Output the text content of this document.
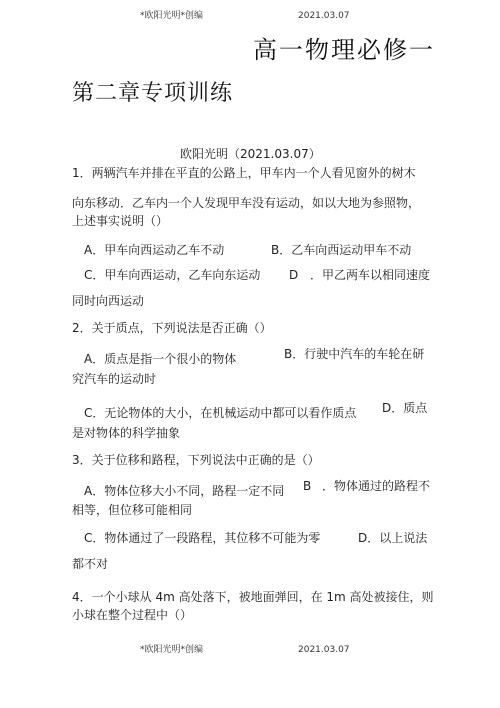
*欧阳光明*创编	2021.03.07
高一物理必修一
第二章专项训练
欧阳光明（2021.03.07）
1．两辆汽车并排在平直的公路上，甲车内一个人看见窗外的树木
向东移动．乙车内一个人发现甲车没有运动，如以大地为参照物，
上述事实说明（）
A．甲车向西运动乙车不动	B．乙车向西运动甲车不动
C．甲车向西运动，乙车向东运动 D ．甲乙两车以相同速度
同时向西运动
2．关于质点，下列说法是否正确（）
A．质点是指一个很小的物体	B．行驶中汽车的车轮在研
究汽车的运动时
C．无论物体的大小，在机械运动中都可以看作质点 D．质点
是对物体的科学抽象
3．关于位移和路程，下列说法中正确的是（）
A．物体位移大小不同，路程一定不同 B ．物体通过的路程不
相等，但位移可能相同
C．物体通过了一段路程，其位移不可能为零	D．以上说法
都不对
4．一个小球从 4m 高处落下，被地面弹回，在 1m 高处被接住，则
小球在整个过程中（）
*欧阳光明*创编	2021.03.07
